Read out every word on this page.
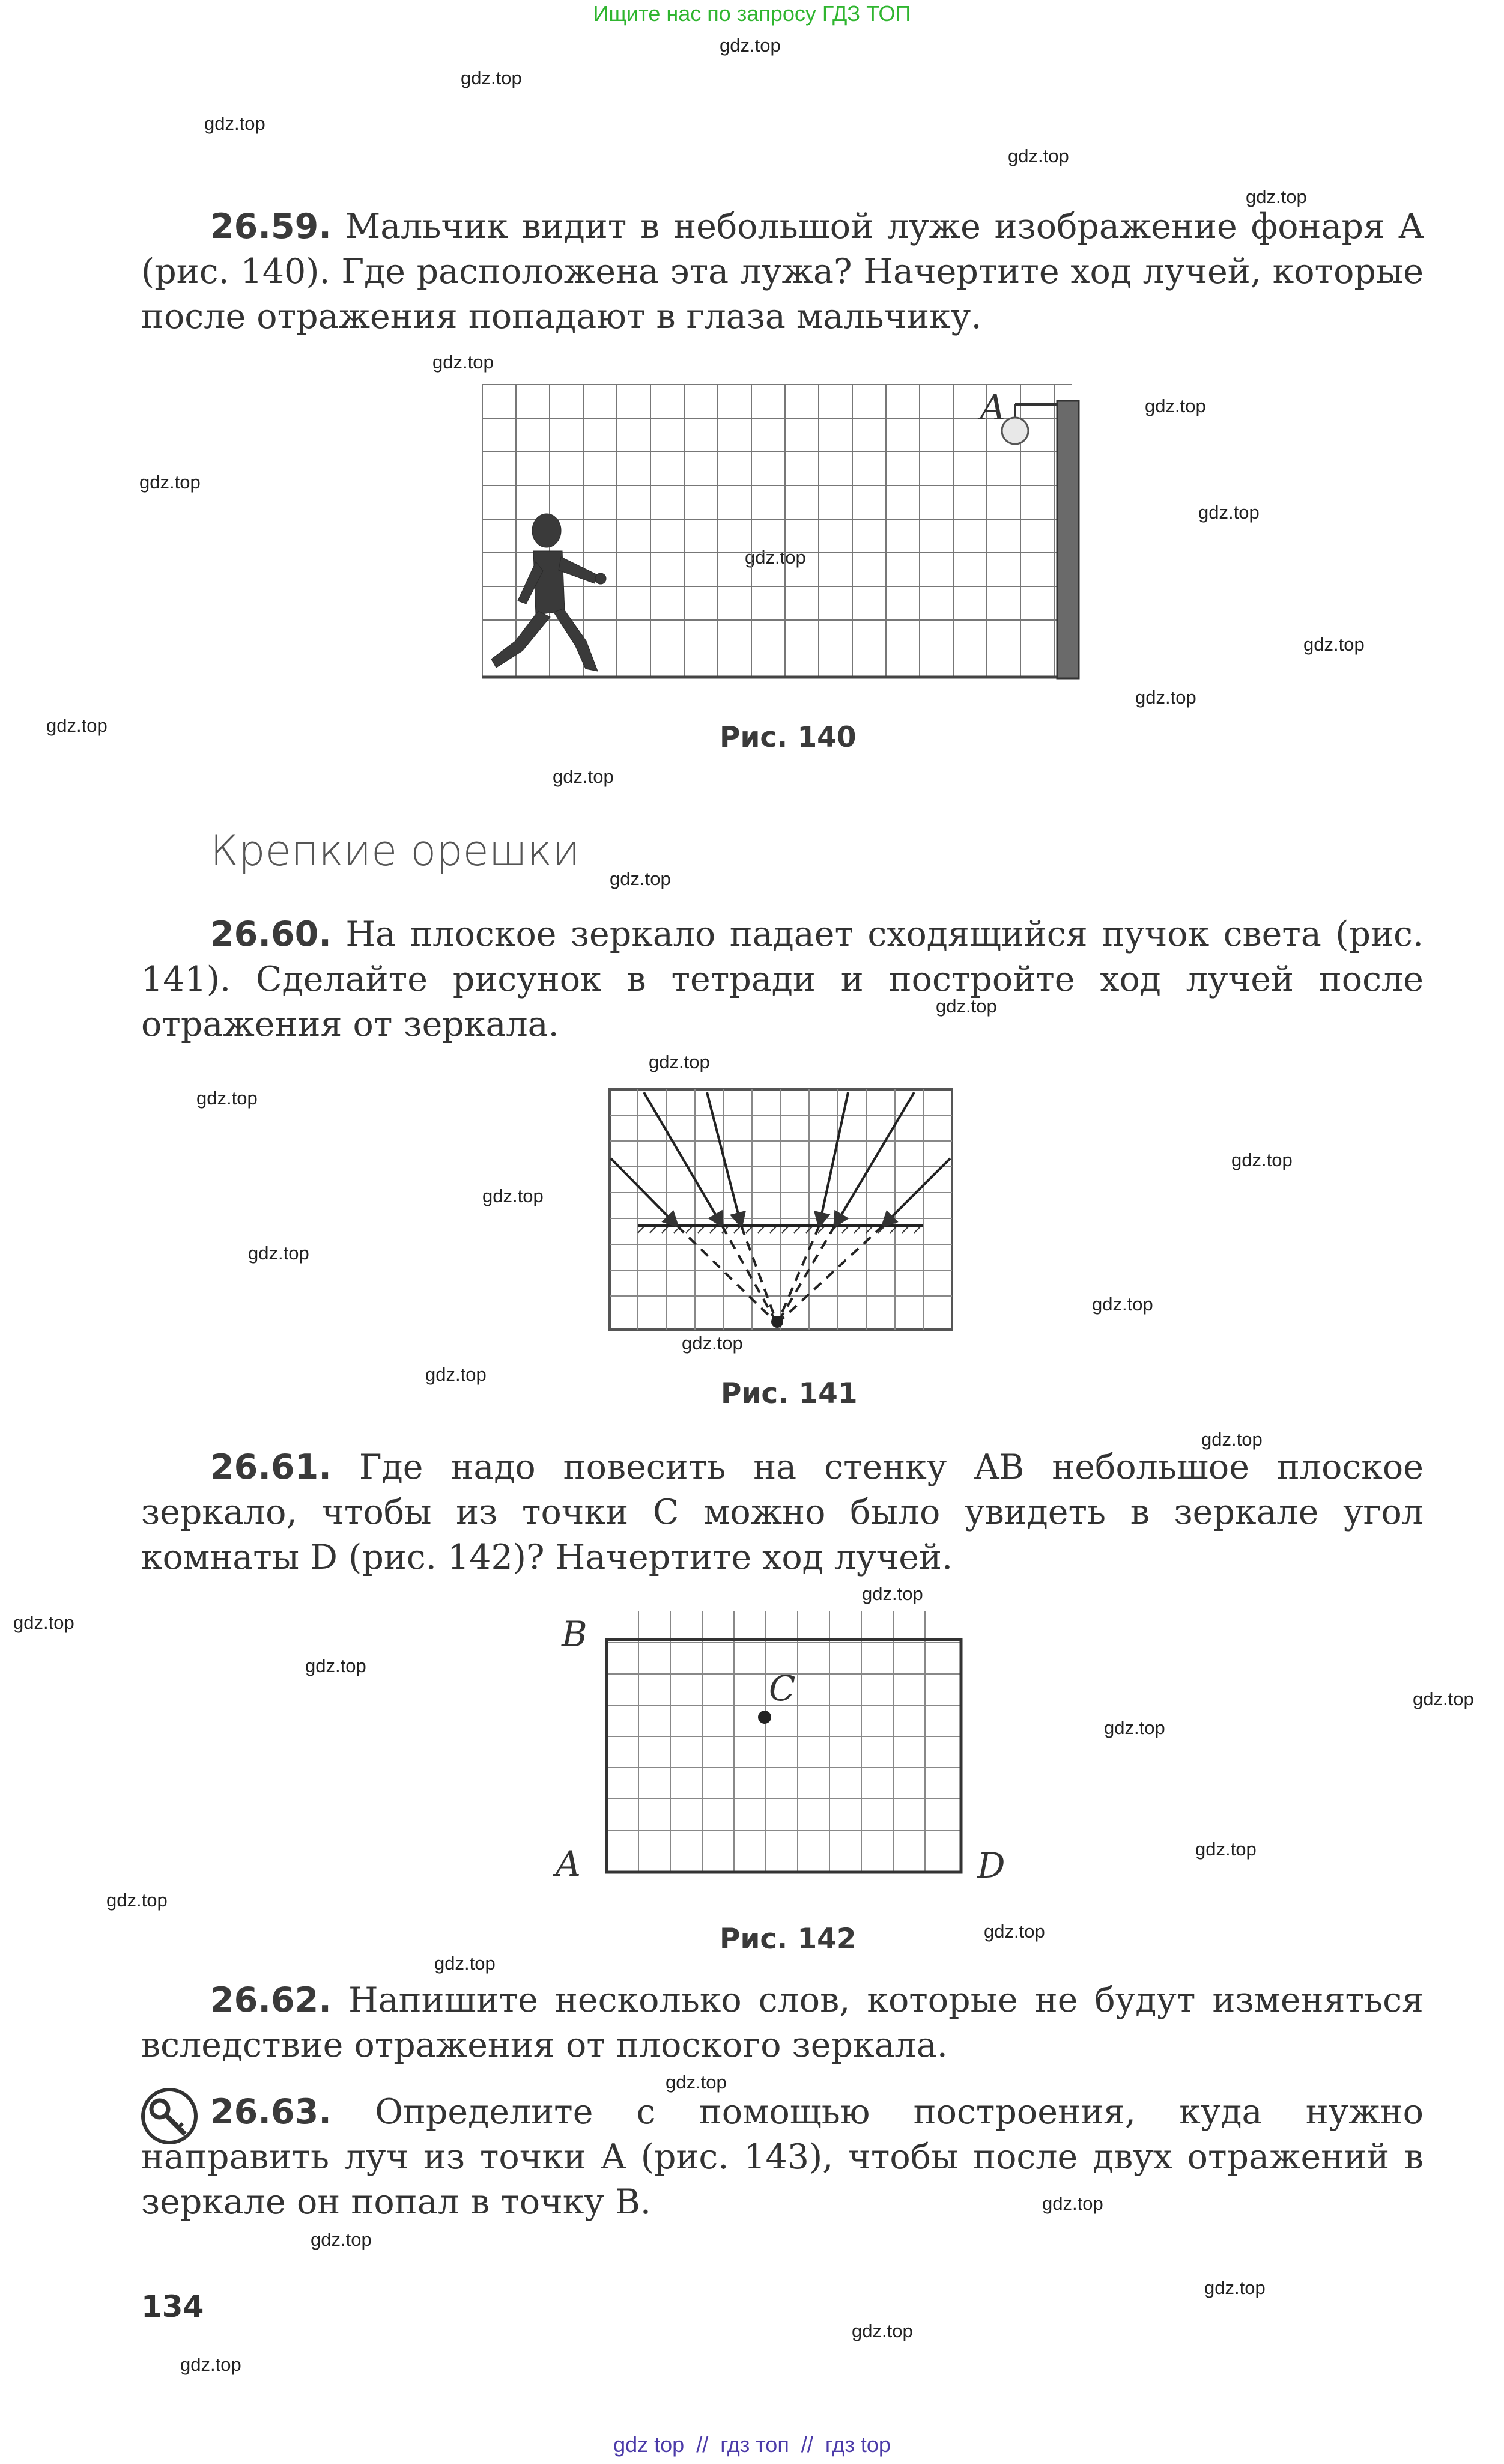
Ищите нас по запросу ГДЗ ТОП
gdz.top
gdz.top
gdz.top
gdz.top
gdz.top
gdz.top
gdz.top
gdz.top
gdz.top
gdz.top
gdz.top
gdz.top
gdz.top
gdz.top
gdz.top
gdz.top
gdz.top
gdz.top
gdz.top
gdz.top
gdz.top
gdz.top
gdz.top
gdz.top
gdz.top
gdz.top
gdz.top
gdz.top
gdz.top
gdz.top
gdz.top
gdz.top
gdz.top
gdz.top
gdz.top
gdz.top
gdz.top
gdz.top
gdz.top
gdz.top
26.59. Мальчик видит в небольшой луже изображение фонаря A (рис. 140). Где расположена эта лужа? Начертите ход лучей, которые после отражения попадают в глаза мальчику.
A
Рис. 140
Крепкие орешки
26.60. На плоское зеркало падает сходящийся пучок света (рис. 141). Сделайте рисунок в тетради и постройте ход лучей после отражения от зеркала.
Рис. 141
26.61. Где надо повесить на стенку AB небольшое плоское зеркало, чтобы из точки C можно было увидеть в зеркале угол комнаты D (рис. 142)? Начертите ход лучей.
B
C
A	D
Рис. 142
26.62. Напишите несколько слов, которые не будут изменяться вследствие отражения от плоского зеркала.
26.63. Определите с помощью построения, куда нужно направить луч из точки A (рис. 143), чтобы после двух отражений в зеркале он попал в точку B.
134
gdz top  //  гдз топ  //  гдз top
